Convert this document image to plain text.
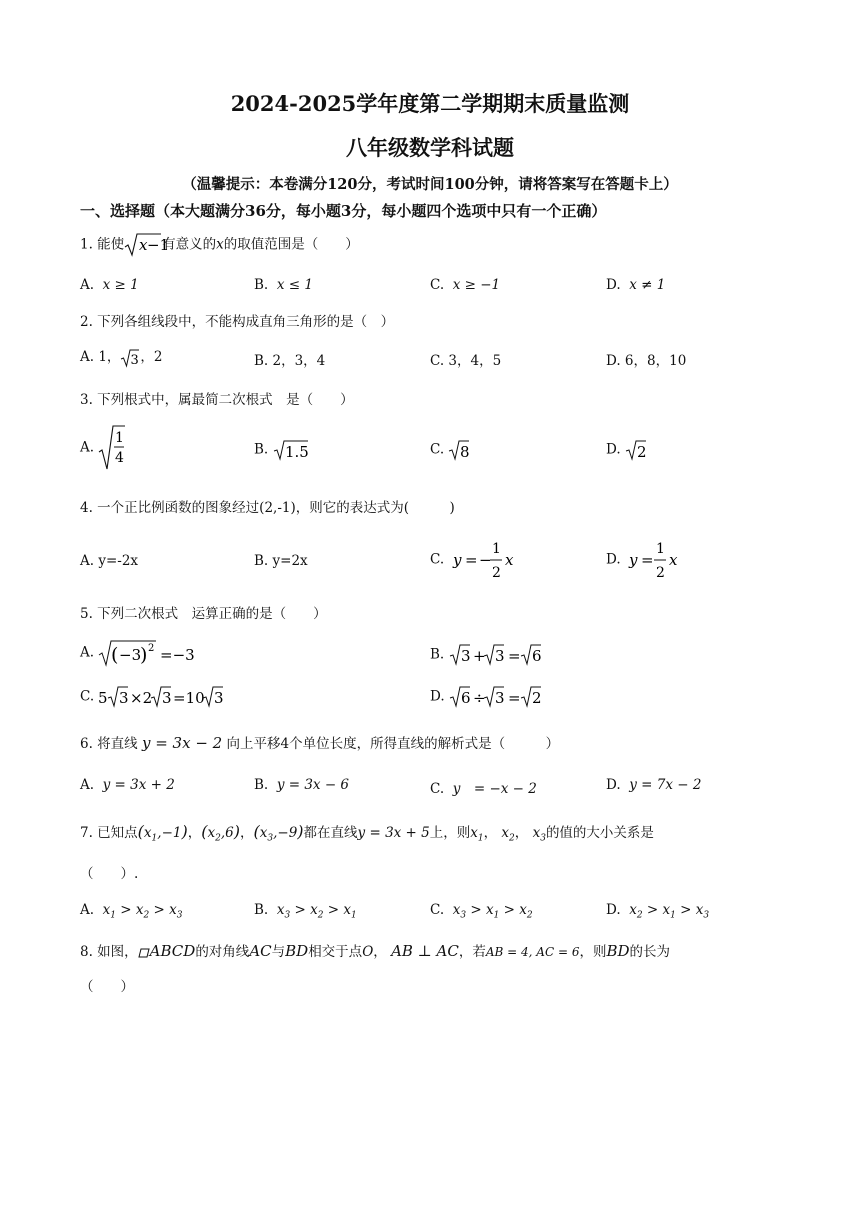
2024-2025学年度第二学期期末质量监测
八年级数学科试题
（温馨提示：本卷满分120分，考试时间100分钟，请将答案写在答题卡上）
一、选择题（本大题满分36分，每小题3分，每小题四个选项中只有一个正确）
1. 能使 x −1
有意义的x的取值范围是（　　）
A. x ≥ 1	B. x ≤ 1	C. x ≥ −1	D. x ≠ 1
2. 下列各组线段中，不能构成直角三角形的是（　）
A. 1， 3 ，2	B. 2，3，4	C. 3，4，5	D. 6，8，10
3. 下列根式中，属最简二次根式　是（　　）
A.
1
4
B. 1.5	C. 8	D. 2
4. 一个正比例函数的图象经过(2,-1)，则它的表达式为(　　　)
A. y=-2x	B. y=2x	C. y = −
1
2
x	D. y =
1
2
x
5. 下列二次根式　运算正确的是（　　）
A. ( −3
) 2 =−3	B. 3 + 3 = 6
C. 5 3 ×2 3 =10 3	D. 6 ÷ 3 = 2
6. 将直线 y = 3x − 2 向上平移4个单位长度，所得直线的解析式是（　　　）
A. y = 3x + 2	B. y = 3x − 6	C. y　= −x − 2	D. y = 7x − 2
7. 已知点$(x_1,-1)$，$(x_2,6)$，$(x_3,-9)$都在直线y = 3x + 5上，则$x_1$， $x_2$， $x_3$的值的大小关系是
（　　）.
A. $x_1 > x_2 > x_3$	B. $x_3 > x_2 > x_1$	C. $x_3 > x_1 > x_2$	D. $x_2 > x_1 > x_3$
8. 如图， ABCD的对角线AC与BD相交于点O， AB ⊥ AC，若AB = 4, AC = 6，则BD的长为
（　　）
